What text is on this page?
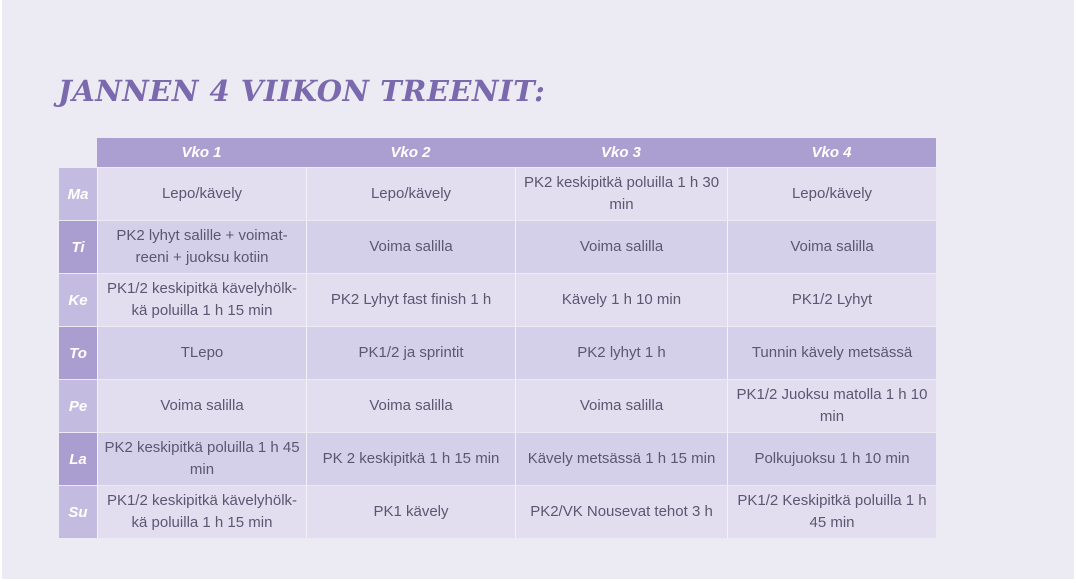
JANNEN 4 VIIKON TREENIT:
	Vko 1	Vko 2	Vko 3	Vko 4
Ma	Lepo/kävely	Lepo/kävely	PK2 keskipitkä poluilla 1 h 30 min	Lepo/kävely
Ti	PK2 lyhyt salille + voimat-reeni + juoksu kotiin	Voima salilla	Voima salilla	Voima salilla
Ke	PK1/2 keskipitkä kävelyhölk-kä poluilla 1 h 15 min	PK2 Lyhyt fast finish 1 h	Kävely 1 h 10 min	PK1/2 Lyhyt
To	TLepo	PK1/2 ja sprintit	PK2 lyhyt 1 h	Tunnin kävely metsässä
Pe	Voima salilla	Voima salilla	Voima salilla	PK1/2 Juoksu matolla 1 h 10 min
La	PK2 keskipitkä poluilla 1 h 45 min	PK 2 keskipitkä 1 h 15 min	Kävely metsässä 1 h 15 min	Polkujuoksu 1 h 10 min
Su	PK1/2 keskipitkä kävelyhölk-kä poluilla 1 h 15 min	PK1 kävely	PK2/VK Nousevat tehot 3 h	PK1/2 Keskipitkä poluilla 1 h 45 min
